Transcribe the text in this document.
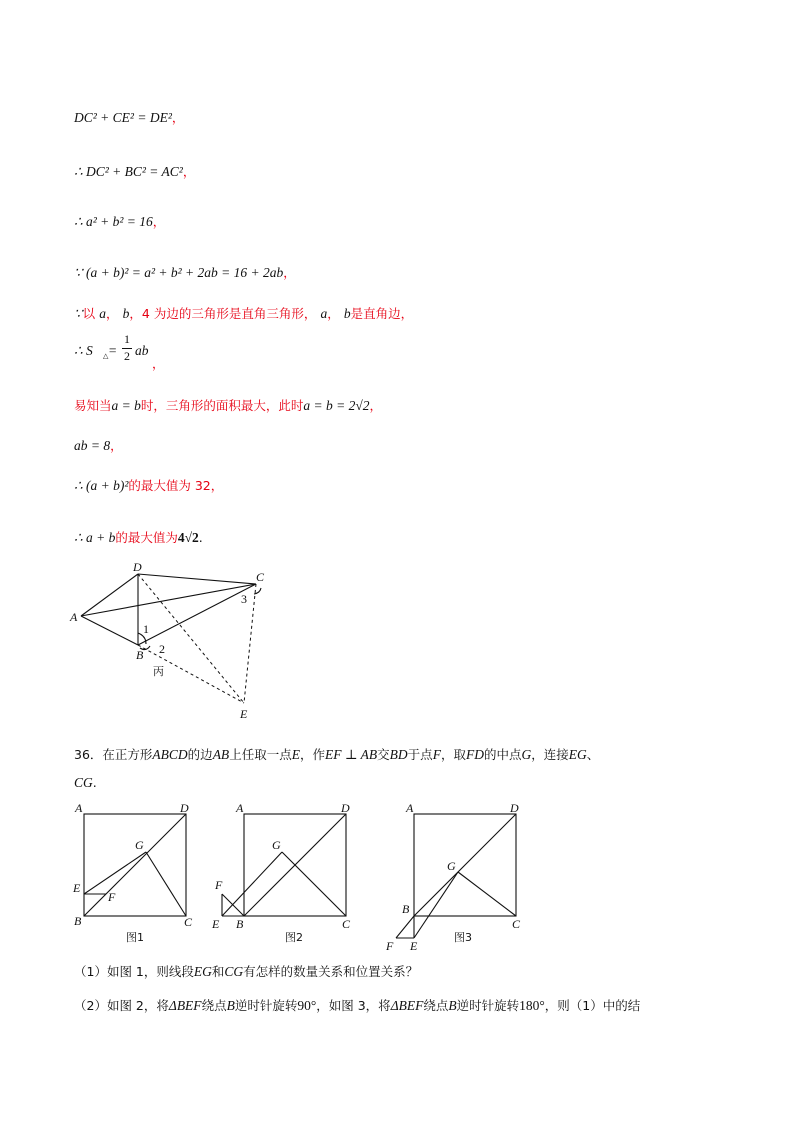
DC² + CE² = DE²，
∴ DC² + BC² = AC²，
∴ a² + b² = 16，
∵ (a + b)² = a² + b² + 2ab = 16 + 2ab，
∵以 a， b，4 为边的三角形是直角三角形， a， b是直角边，
∴ S △ =
1
2 ab
，
易知当a = b时，三角形的面积最大，此时a = b = 2√2，
ab = 8，
∴ (a + b)²的最大值为 32，
∴ a + b的最大值为4√2.
A
D
C
B
E
1
2
3
丙
36．在正方形ABCD的边AB上任取一点E，作EF ⊥ AB交BD于点F，取FD的中点G，连接EG、
CG.
A	D
B	C
E
F
G
图1
A	D
B	C
E
F
G
图2
A	D
B
C
E
F
G
图3
（1）如图 1，则线段EG和CG有怎样的数量关系和位置关系？
（2）如图 2，将ΔBEF绕点B逆时针旋转90°，如图 3，将ΔBEF绕点B逆时针旋转180°，则（1）中的结
